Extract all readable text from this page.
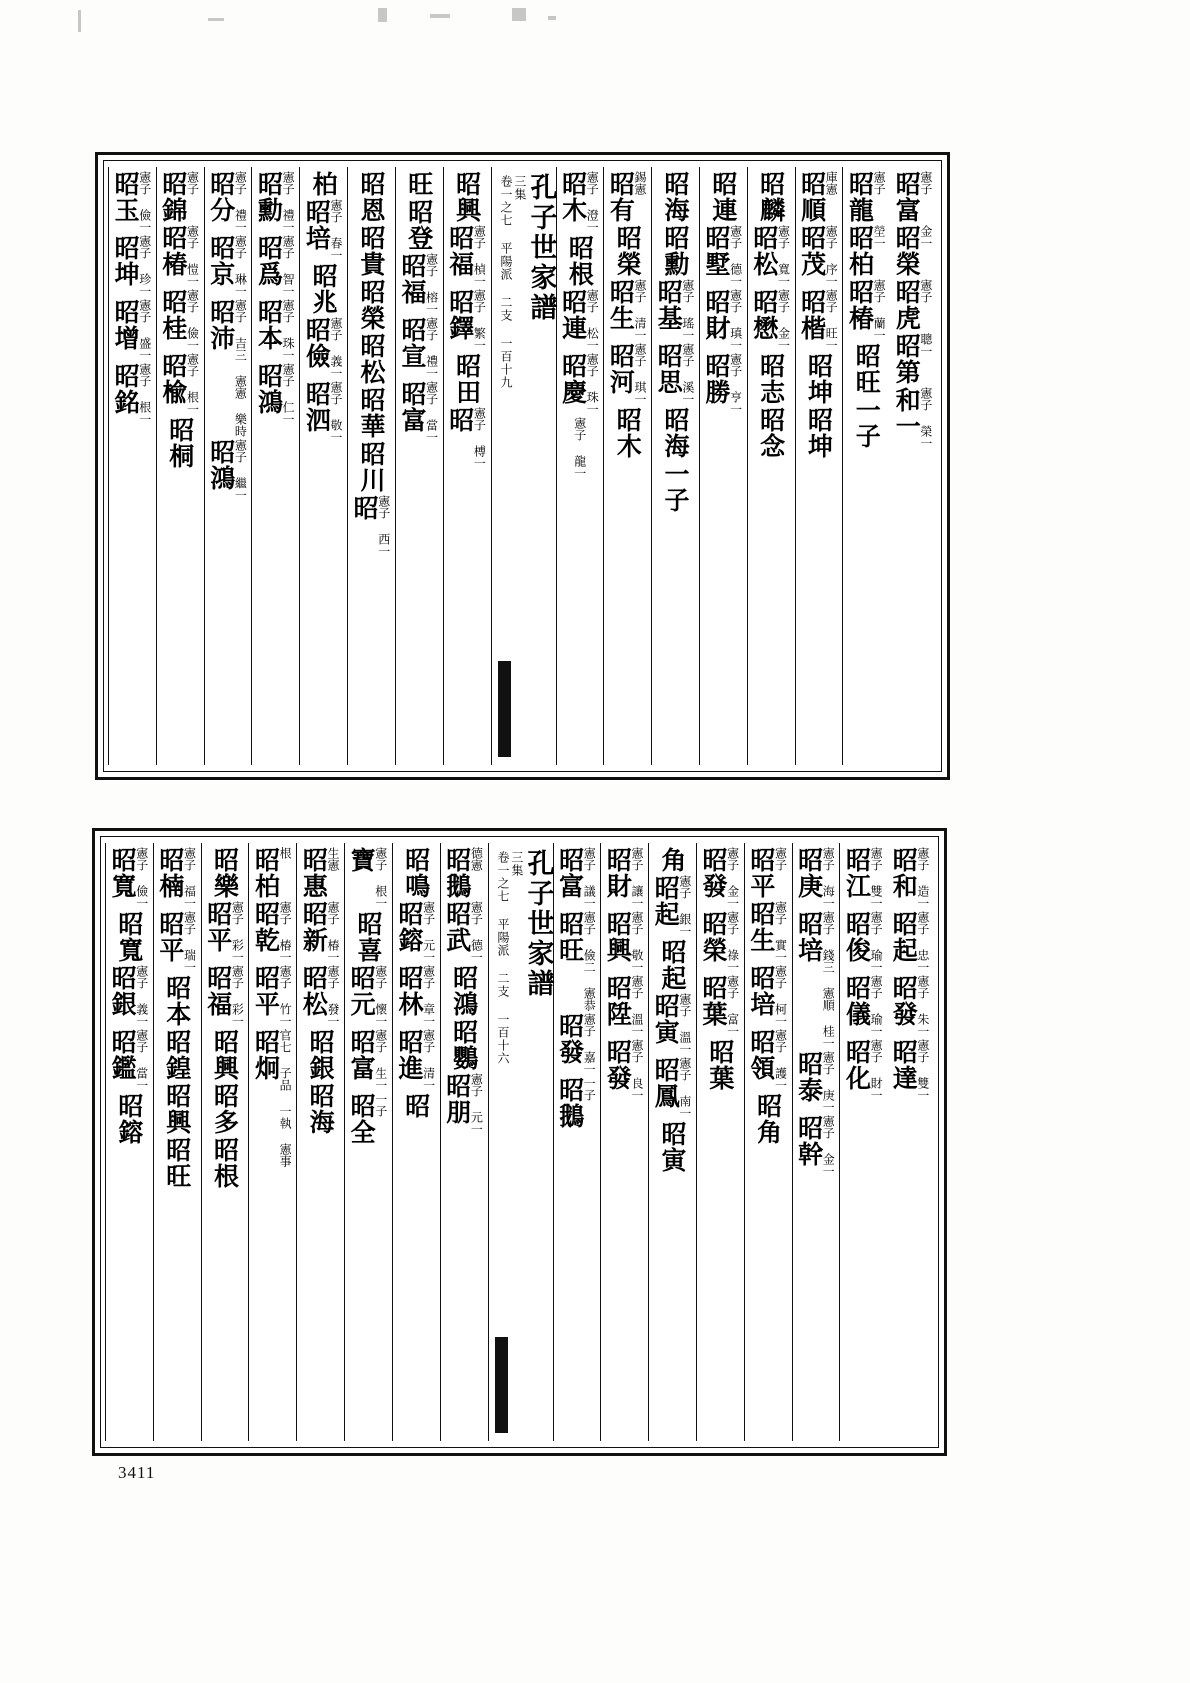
昭富
憲子
昭榮
金一
昭虎
憲子
昭第
聰一
和一
憲子 榮一
昭龍
憲子
昭柏
塋一
昭椿
憲子 蘭一
昭旺
一子
昭順
庫憲
昭茂
憲子 序一
昭楷
憲子 旺一
昭坤
昭坤
昭麟
昭松
憲子 寬一
昭懋
憲子 金一
昭志
昭念
昭連
昭墅
憲子 德一
昭財
憲子 瑱一
昭勝
憲子 亨一
昭海
昭勳
昭基
憲子 瑤一
昭思
憲子 溪一
昭海
一子
昭有
錫憲
昭榮
昭生
憲子 清一
昭河
憲子 琪一
昭木
昭木
憲子 澄一
昭根
昭連
憲子 松一
昭慶
憲子 珠一
憲子 龍一
孔子世家譜
三集
卷一之七 平陽派 二支 一百十九
昭興
昭福
憲子 楨一
昭鐸
憲子 繁一
昭田
昭
憲子 榑一
旺
昭登
昭福
憲子 榕一
昭宣
憲子 禮一
昭富
憲子 當一
昭恩
昭貴
昭榮
昭松
昭華
昭川
昭
憲子 西一
柏
昭培
憲子 春一
昭兆
昭儉
憲子 義一
昭泗
憲子 敬一
昭勳
憲子 禮一
昭爲
憲子 智一
昭本
憲子 珠一
昭鴻
憲子 仁一
昭分
憲子 禮一
昭京
憲子 琳一
昭沛
憲子 吉三 憲憲 樂時
昭鴻
憲子 繼一
昭錦
憲子
昭椿
憲子 愷一
昭桂
憲子 儉一
昭楡
憲子 根一
昭桐
昭玉
憲子 儉一
昭坤
憲子 珍一
昭增
憲子 盛一
昭銘
憲子 根一
昭和
憲子 造一
昭起
憲子 忠一
昭發
憲子 朱一
昭達
憲子 雙一
昭江
憲子 雙一
昭俊
憲子 瑜一
昭儀
憲子 瑜一
昭化
憲子 財一
昭庚
憲子 海一
昭培
憲子 錢三 憲順 桂一
昭泰
憲子 庚一
昭幹
憲子 金一
昭平
憲子
昭生
憲子 實一
昭培
憲子 柯一
昭領
憲子 護一
昭角
昭發
憲子 金一
昭榮
憲子 祿一
昭葉
憲子 富一
昭葉
角
昭起
憲子 銀一
昭起
昭寅
憲子 溫一
昭鳳
憲子 南一
昭寅
昭財
憲子 讓一
昭興
憲子 敬一
昭陞
憲子 溫一
昭發
憲子 良一
昭富
憲子 議一
昭旺
憲子 儉二 憲恭
昭發
憲子 嘉一
昭鵝
一子
孔子世家譜
三集
卷一之七 平陽派 二支 一百十六
昭鵝
德憲
昭武
憲子 德一
昭鴻
昭鸚
昭朋
憲子 元一
昭鳴
昭鎔
憲子 元一
昭林
憲子 章一
昭進
憲子 清一
昭
寶
憲子 根一
昭喜
昭元
憲子 懷一
昭富
憲子 生一
昭全
一子
昭惠
生憲
昭新
憲子 椿一
昭松
憲子 發一
昭銀
昭海
昭柏
根
昭乾
憲子 椿一
昭平
憲子 竹一
昭炯
官七 子品 一執 憲事
昭樂
昭平
憲子 彩一
昭福
憲子 彩一
昭興
昭多
昭根
昭楠
憲子 福一
昭平
憲子 瑞一
昭本
昭鍠
昭興
昭旺
昭寬
憲子 儉一
昭寬
昭銀
憲子 義一
昭鑑
憲子 當一
昭鎔
3411
